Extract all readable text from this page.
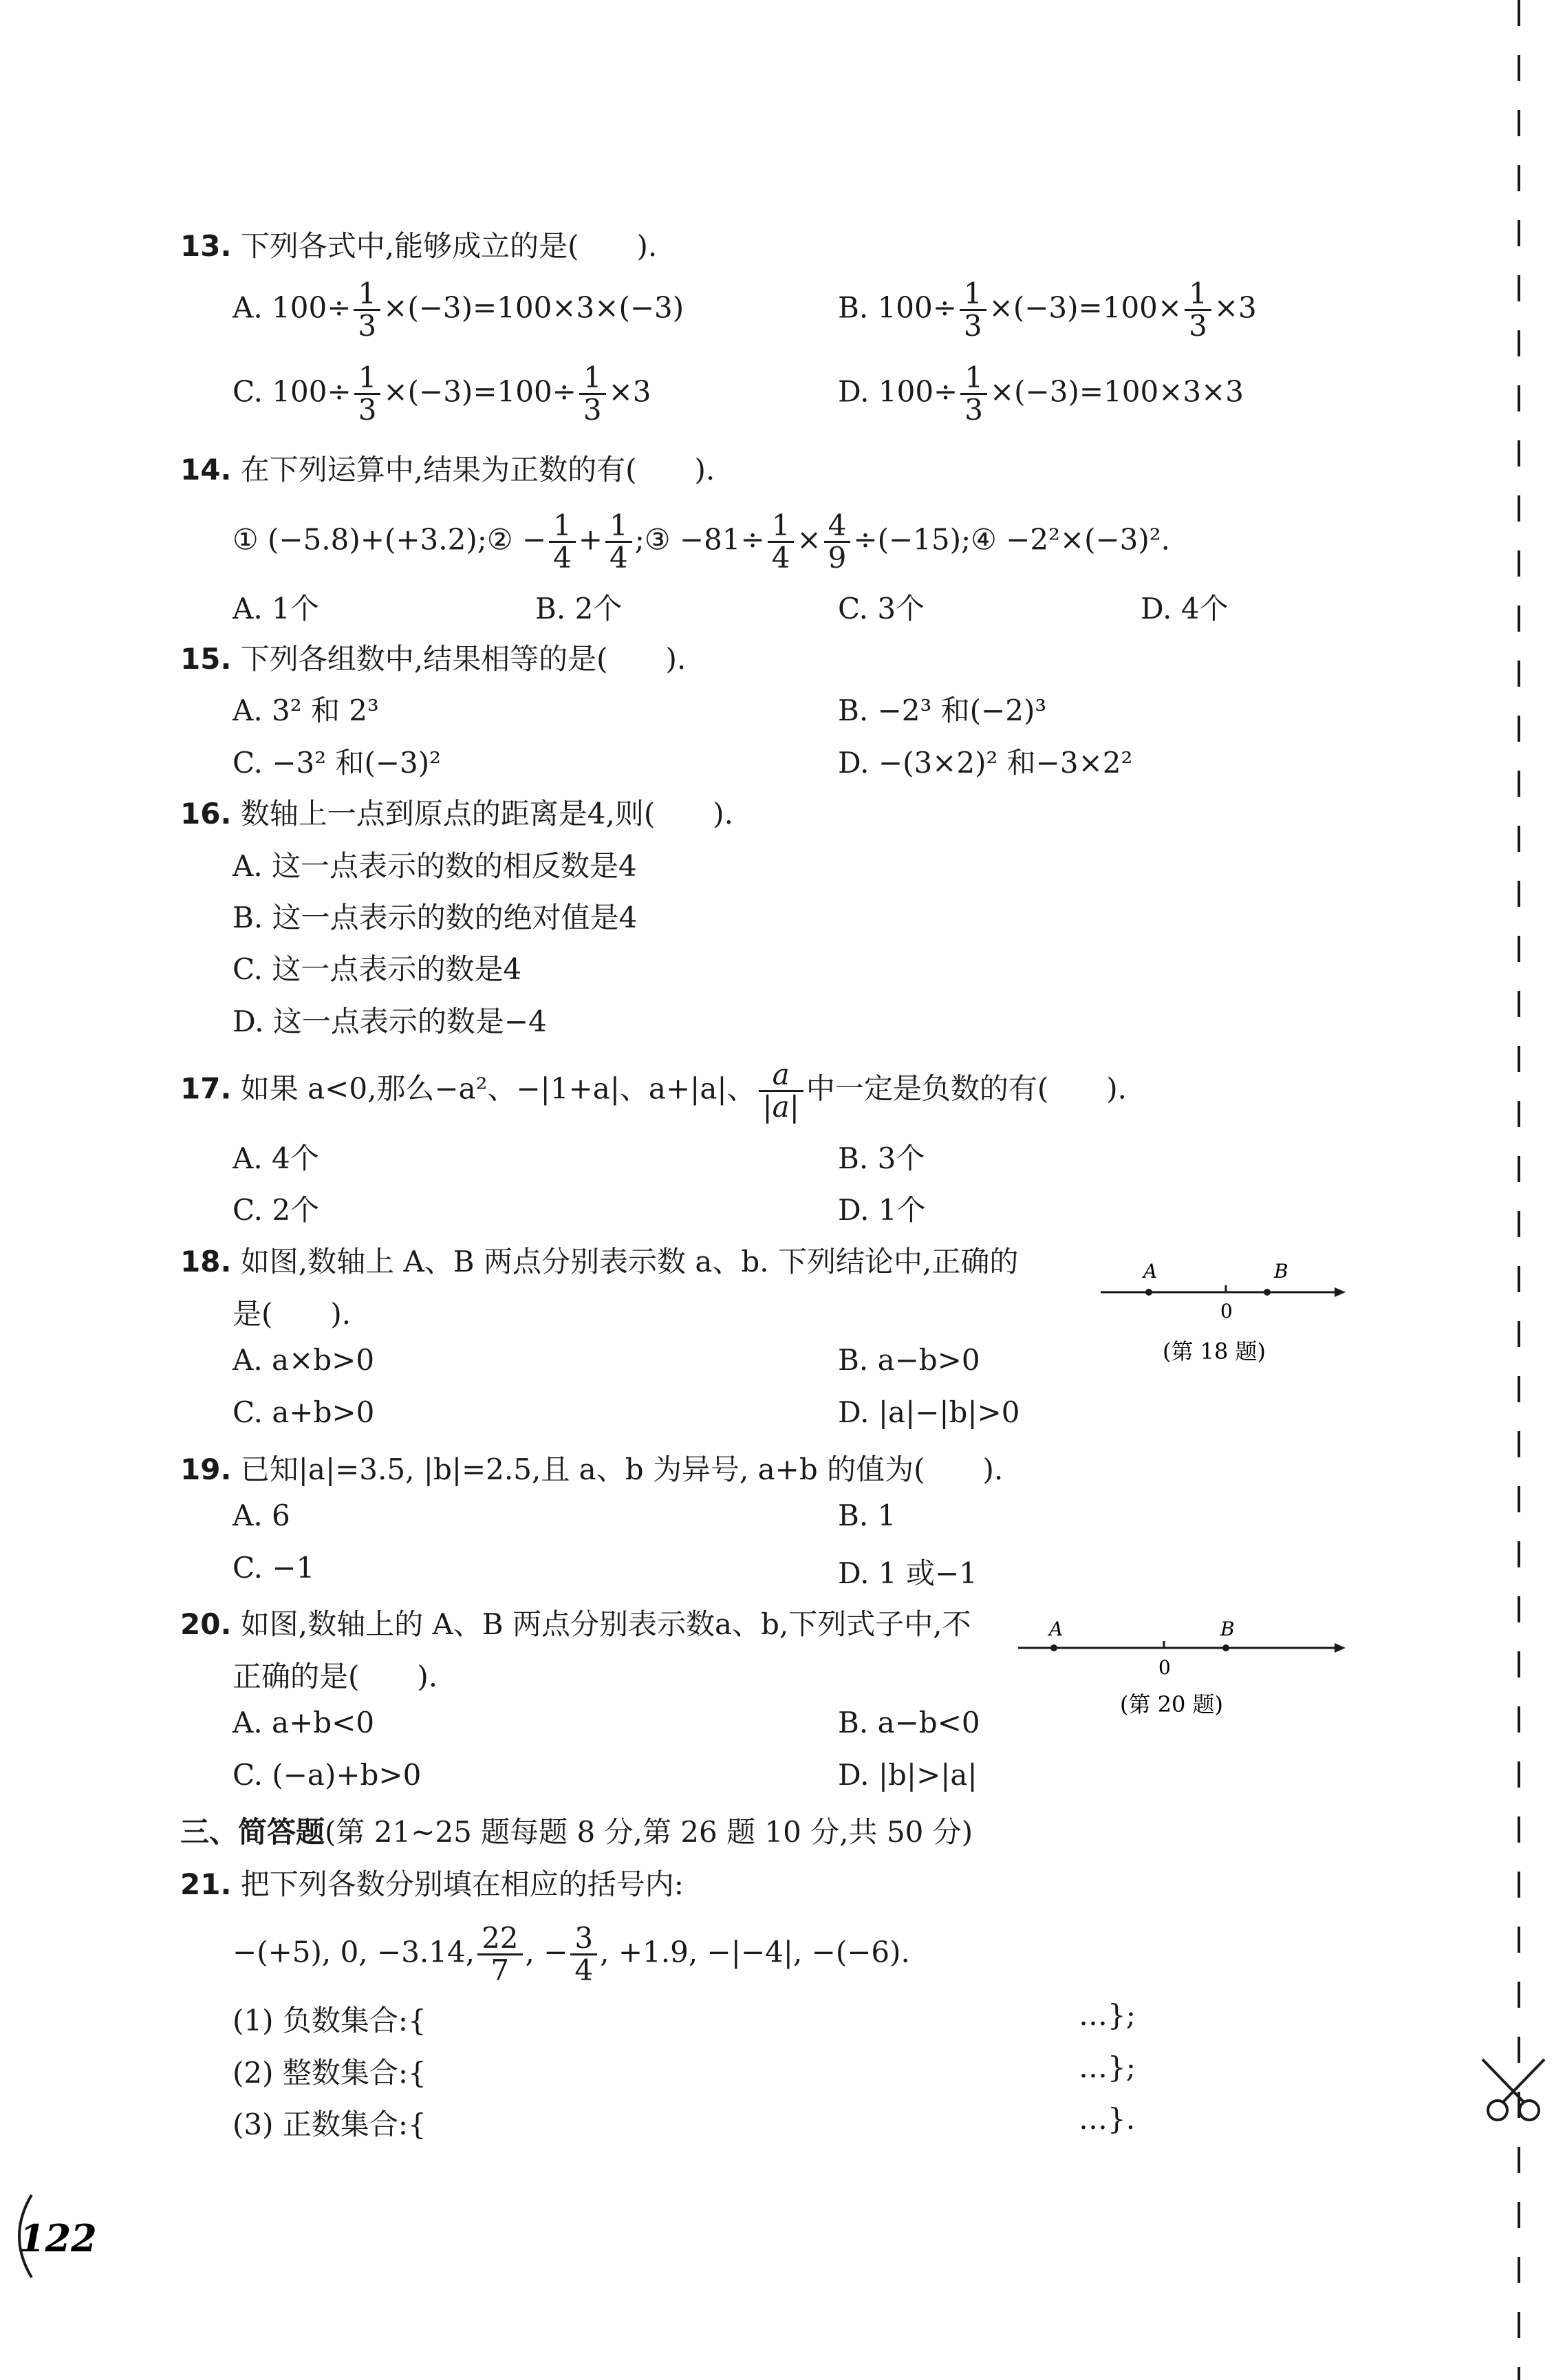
13. 下列各式中,能够成立的是(　　).
A. $100\div \frac{1}{3} \times(-3)=100\times 3\times(-3)$	B. $100\div \frac{1}{3} \times(-3)=100\times \frac{1}{3} \times 3$
C. $100\div \frac{1}{3} \times(-3)=100\div \frac{1}{3} \times 3$	D. $100\div \frac{1}{3} \times(-3)=100\times 3\times 3$
14. 在下列运算中,结果为正数的有(　　).
① (−5.8)+(+3.2);② − $\frac{1}{4} + \frac{1}{4}$ ;③ $-81\div \frac{1}{4} \times \frac{4}{9}$ ÷(−15);④ −2²×(−3)².
A. 1个	B. 2个	C. 3个	D. 4个
15. 下列各组数中,结果相等的是(　　).
A. 3² 和 2³	B. −2³ 和(−2)³
C. −3² 和(−3)²	D. −(3×2)² 和−3×2²
16. 数轴上一点到原点的距离是4,则(　　).
A. 这一点表示的数的相反数是4
B. 这一点表示的数的绝对值是4
C. 这一点表示的数是4
D. 这一点表示的数是−4
17. 如果 a<0,那么−a²、−|1+a|、a+|a|、 $\frac{a}{|a|}$ 中一定是负数的有(　　).
A. 4个	B. 3个
C. 2个	D. 1个
18. 如图,数轴上 A、B 两点分别表示数 a、b. 下列结论中,正确的
是(　　).
A. a×b>0	B. a−b>0
C. a+b>0	D. |a|−|b|>0
A	B
0
(第 18 题)
19. 已知|a|=3.5, |b|=2.5,且 a、b 为异号, a+b 的值为(　　).
A. 6	B. 1
C. −1	D. 1 或−1
20. 如图,数轴上的 A、B 两点分别表示数a、b,下列式子中,不
正确的是(　　).
A. a+b<0	B. a−b<0
C. (−a)+b>0	D. |b|>|a|
A	B
0
(第 20 题)
三、简答题(第 21~25 题每题 8 分,第 26 题 10 分,共 50 分)
21. 把下列各数分别填在相应的括号内:
−(+5), 0, −3.14, $\frac{22}{7}$ , − $\frac{3}{4}$ , +1.9, −|−4|, −(−6).
(1) 负数集合:{	…};
(2) 整数集合:{	…};
(3) 正数集合:{	…}.
122
